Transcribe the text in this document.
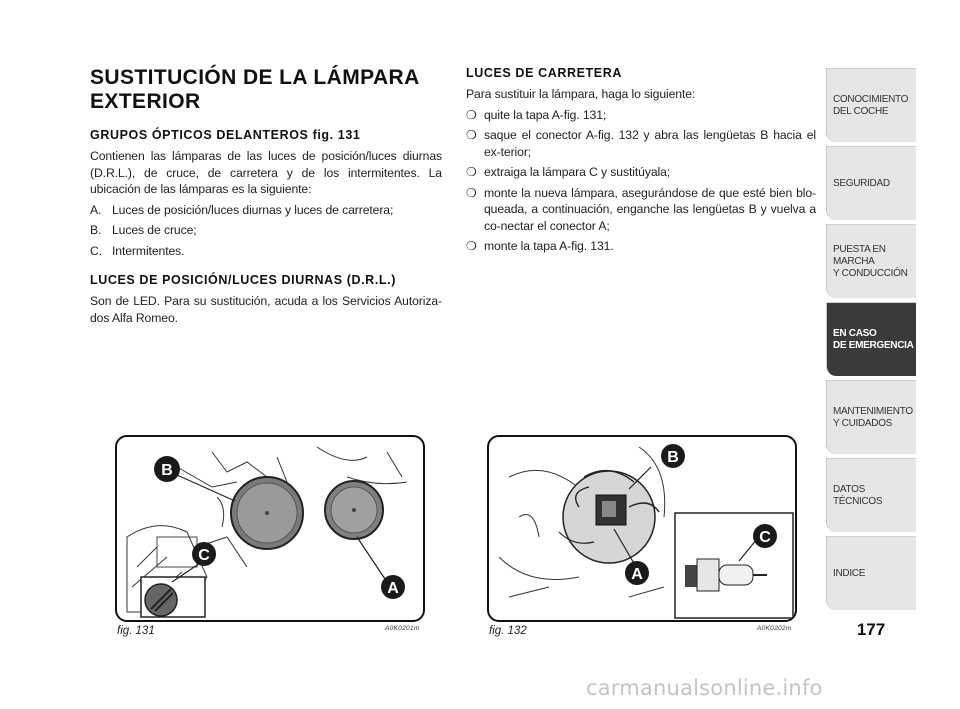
SUSTITUCIÓN DE LA LÁMPARA EXTERIOR
GRUPOS ÓPTICOS DELANTEROS fig. 131

Contienen las lámparas de las luces de posición/luces diurnas (D.R.L.), de cruce, de carretera y de los intermitentes. La ubicación de las lámparas es la siguiente:

A. Luces de posición/luces diurnas y luces de carretera;
B. Luces de cruce;
C. Intermitentes.
LUCES DE POSICIÓN/LUCES DIURNAS (D.R.L.)

Son de LED. Para su sustitución, acuda a los Servicios Autoriza-dos Alfa Romeo.

LUCES DE CARRETERA

Para sustituir la lámpara, haga lo siguiente:

❍ quite la tapa A-fig. 131;
❍ saque el conector A-fig. 132 y abra las lengüetas B hacia el ex-terior;
❍ extraiga la lámpara C y sustitúyala;
❍ monte la nueva lámpara, asegurándose de que esté bien blo-queada, a continuación, enganche las lengüetas B y vuelva a co-nectar el conector A;
❍ monte la tapa A-fig. 131.
CONOCIMIENTO
DEL COCHE
SEGURIDAD
PUESTA EN MARCHA
Y CONDUCCIÓN
EN CASO
DE EMERGENCIA
MANTENIMIENTO
Y CUIDADOS
DATOS TÉCNICOS
INDICE
177
B
C
A
fig. 131	A0K0201m
B
A
C
fig. 132	A0K0202m
carmanualsonline.info
